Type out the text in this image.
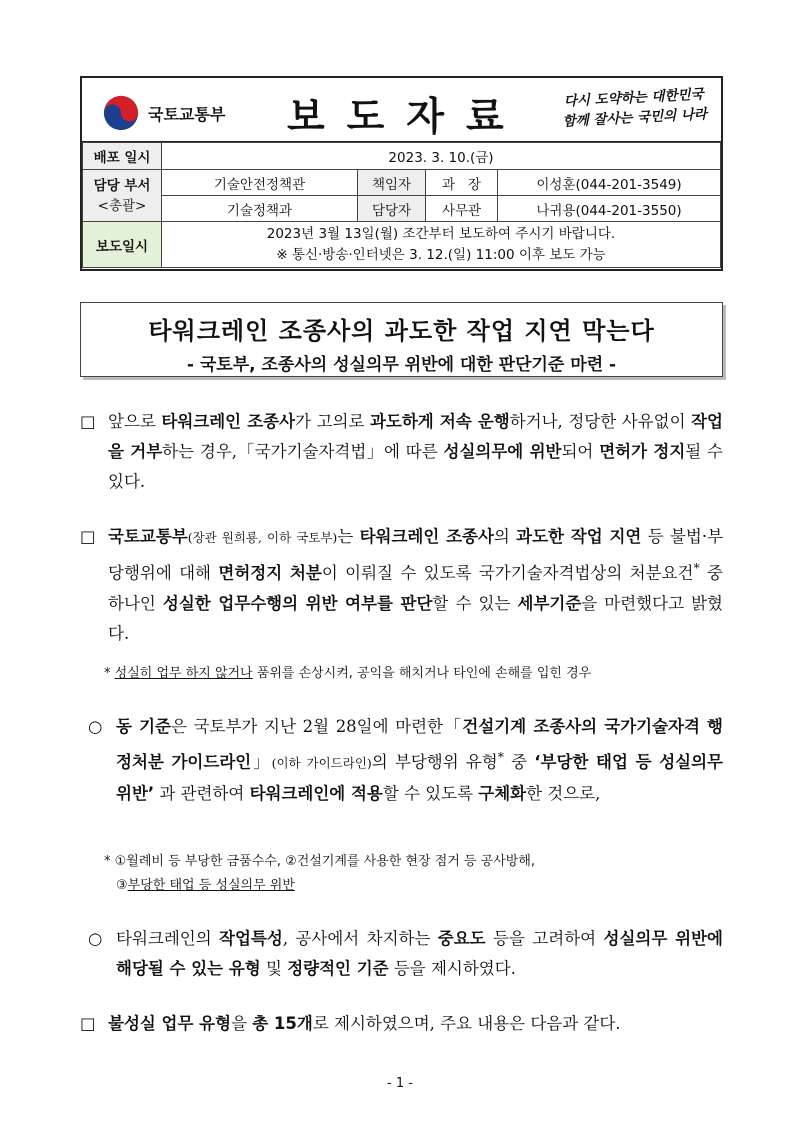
국토교통부 보도자료	다시 도약하는 대한민국
함께 잘사는 국민의 나라
배포 일시	2023. 3. 10.(금)			

담당 부서
<총괄>	기술안전정책관	책임자	과   장	이성훈(044-201-3549)
	기술정책과	담당자	사무관	나귀용(044-201-3550)
보도일시	2023년 3월 13일(월) 조간부터 보도하여 주시기 바랍니다.
※ 통신·방송·인터넷은 3. 12.(일) 11:00 이후 보도 가능			
타워크레인 조종사의 과도한 작업 지연 막는다
- 국토부, 조종사의 성실의무 위반에 대한 판단기준 마련 -
□ 앞으로 타워크레인 조종사가 고의로 과도하게 저속 운행하거나, 정당한 사유없이 작업을 거부하는 경우,「국가기술자격법」에 따른 성실의무에 위반되어 면허가 정지될 수 있다.
□ 국토교통부(장관 원희룡, 이하 국토부)는 타워크레인 조종사의 과도한 작업 지연 등 불법·부당행위에 대해 면허정지 처분이 이뤄질 수 있도록 국가기술자격법상의 처분요건* 중 하나인 성실한 업무수행의 위반 여부를 판단할 수 있는 세부기준을 마련했다고 밝혔다.
* 성실히 업무 하지 않거나 품위를 손상시켜, 공익을 해치거나 타인에 손해를 입힌 경우
○ 동 기준은 국토부가 지난 2월 28일에 마련한「건설기계 조종사의 국가기술자격 행정처분 가이드라인」(이하 가이드라인)의 부당행위 유형* 중 ‘부당한 태업 등 성실의무 위반’ 과 관련하여 타워크레인에 적용할 수 있도록 구체화한 것으로,
* ①월례비 등 부당한 금품수수, ②건설기계를 사용한 현장 점거 등 공사방해,
③부당한 태업 등 성실의무 위반
○ 타워크레인의 작업특성, 공사에서 차지하는 중요도 등을 고려하여 성실의무 위반에 해당될 수 있는 유형 및 정량적인 기준 등을 제시하였다.
□ 불성실 업무 유형을 총 15개로 제시하였으며, 주요 내용은 다음과 같다.
- 1 -
